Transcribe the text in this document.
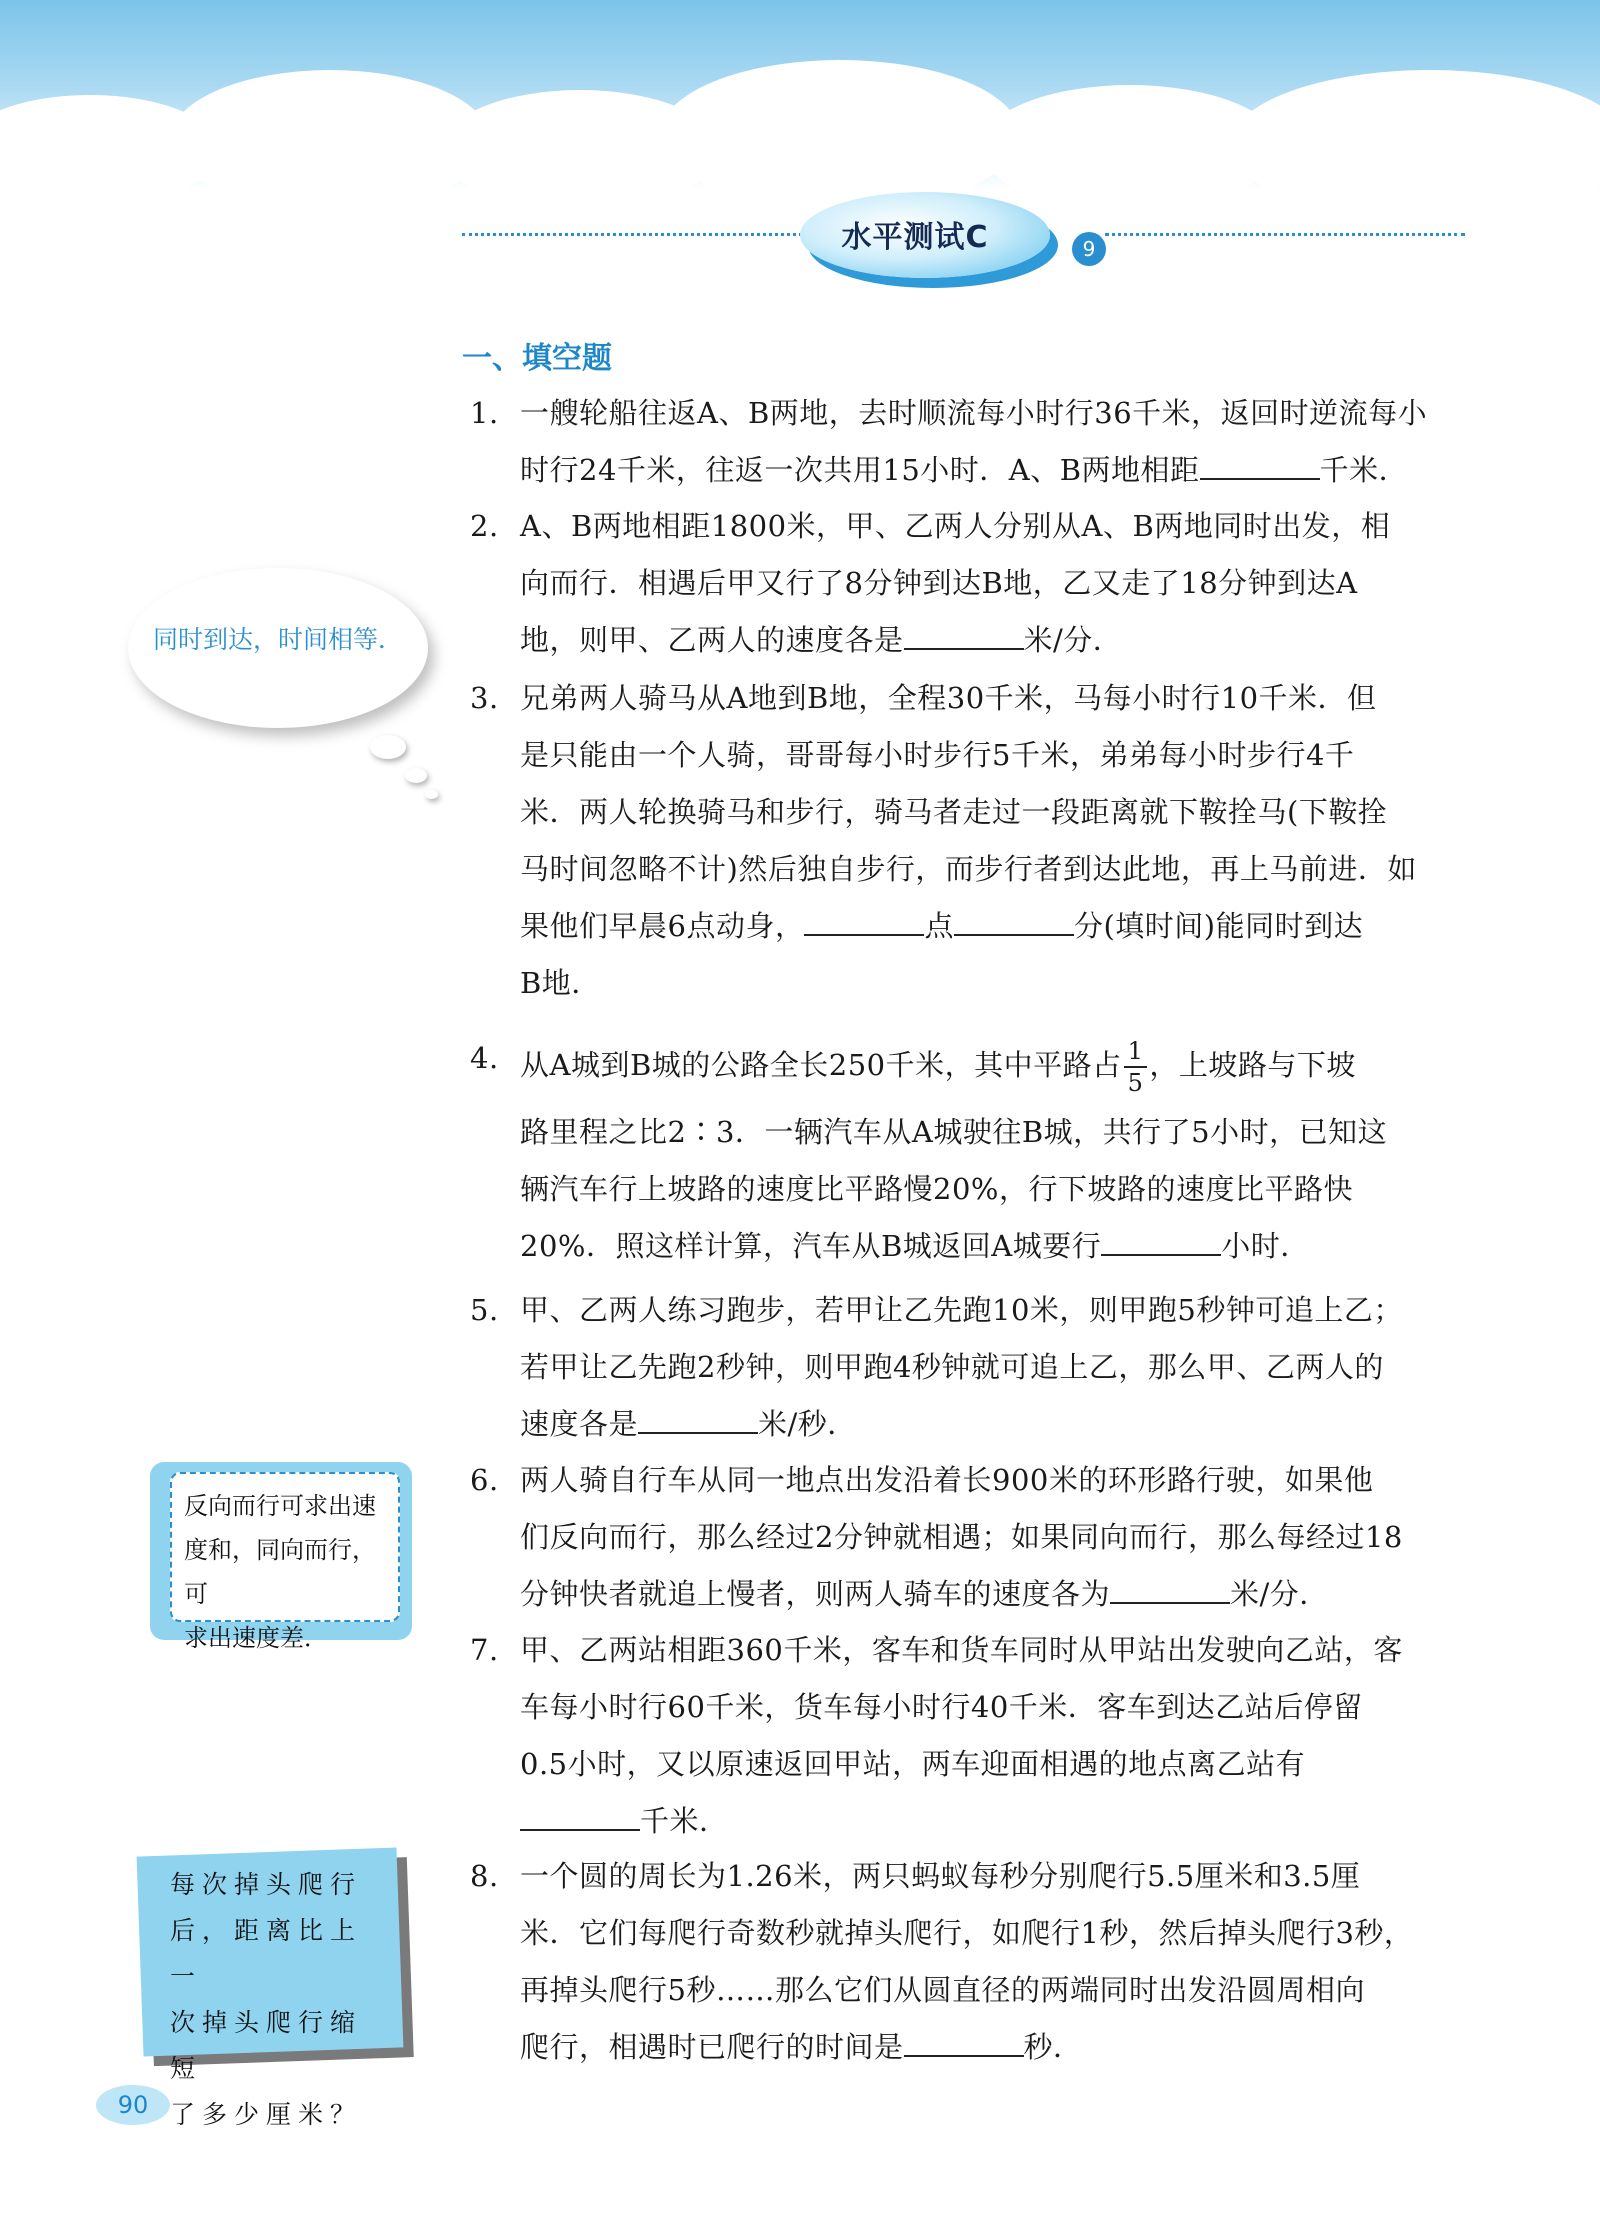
水平测试C	9
一、填空题
1. 一艘轮船往返A、B两地，去时顺流每小时行36千米，返回时逆流每小
时行24千米，往返一次共用15小时．A、B两地相距	千米．
2. A、B两地相距1800米，甲、乙两人分别从A、B两地同时出发，相
向而行．相遇后甲又行了8分钟到达B地，乙又走了18分钟到达A
地，则甲、乙两人的速度各是	米/分．
3. 兄弟两人骑马从A地到B地，全程30千米，马每小时行10千米．但
是只能由一个人骑，哥哥每小时步行5千米，弟弟每小时步行4千
米．两人轮换骑马和步行，骑马者走过一段距离就下鞍拴马(下鞍拴
马时间忽略不计)然后独自步行，而步行者到达此地，再上马前进．如
果他们早晨6点动身，	点	分(填时间)能同时到达
B地．
4. 从A城到B城的公路全长250千米，其中平路占 $\frac{1}{5}$ ，上坡路与下坡
路里程之比2∶3．一辆汽车从A城驶往B城，共行了5小时，已知这
辆汽车行上坡路的速度比平路慢20%，行下坡路的速度比平路快
20%．照这样计算，汽车从B城返回A城要行	小时．
5. 甲、乙两人练习跑步，若甲让乙先跑10米，则甲跑5秒钟可追上乙；
若甲让乙先跑2秒钟，则甲跑4秒钟就可追上乙，那么甲、乙两人的
速度各是	米/秒．
6. 两人骑自行车从同一地点出发沿着长900米的环形路行驶，如果他
们反向而行，那么经过2分钟就相遇；如果同向而行，那么每经过18
分钟快者就追上慢者，则两人骑车的速度各为	米/分．
7. 甲、乙两站相距360千米，客车和货车同时从甲站出发驶向乙站，客
车每小时行60千米，货车每小时行40千米．客车到达乙站后停留
0.5小时，又以原速返回甲站，两车迎面相遇的地点离乙站有
千米．
8. 一个圆的周长为1.26米，两只蚂蚁每秒分别爬行5.5厘米和3.5厘
米．它们每爬行奇数秒就掉头爬行，如爬行1秒，然后掉头爬行3秒，
再掉头爬行5秒……那么它们从圆直径的两端同时出发沿圆周相向
爬行，相遇时已爬行的时间是	秒．
同时到达，时间相等．
反向而行可求出速
度和，同向而行，可
求出速度差．
每次掉头爬行
后，距离比上一
次掉头爬行缩短
了多少厘米？
90
